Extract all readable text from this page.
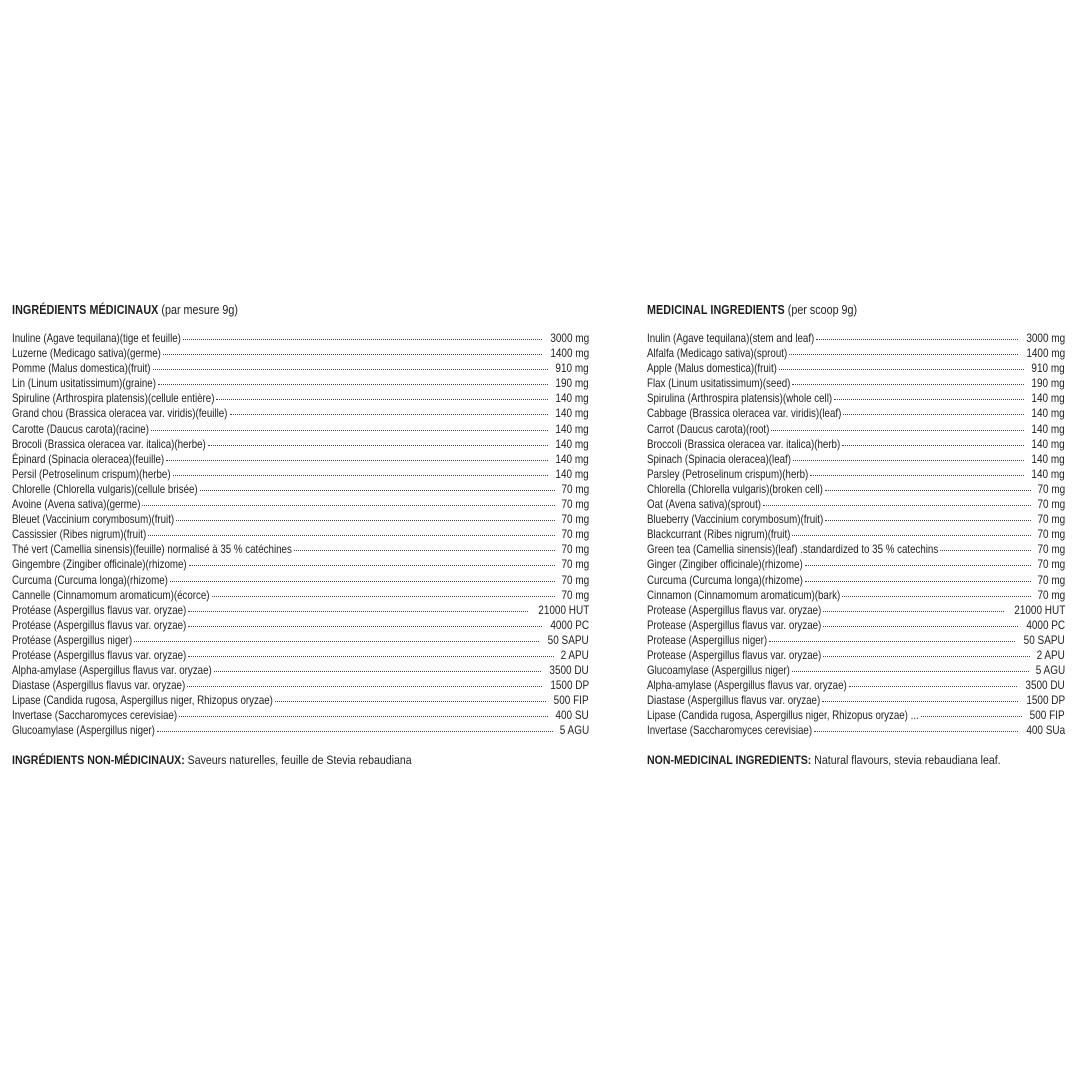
INGRÉDIENTS MÉDICINAUX (par mesure 9g)
Inuline (Agave tequilana)(tige et feuille)	3000 mg
Luzerne (Medicago sativa)(germe)	1400 mg
Pomme (Malus domestica)(fruit)	910 mg
Lin (Linum usitatissimum)(graine)	190 mg
Spiruline (Arthrospira platensis)(cellule entière)	140 mg
Grand chou (Brassica oleracea var. viridis)(feuille)	140 mg
Carotte (Daucus carota)(racine)	140 mg
Brocoli (Brassica oleracea var. italica)(herbe)	140 mg
Épinard (Spinacia oleracea)(feuille)	140 mg
Persil (Petroselinum crispum)(herbe)	140 mg
Chlorelle (Chlorella vulgaris)(cellule brisée)	70 mg
Avoine (Avena sativa)(germe)	70 mg
Bleuet (Vaccinium corymbosum)(fruit)	70 mg
Cassissier (Ribes nigrum)(fruit)	70 mg
Thé vert (Camellia sinensis)(feuille) normalisé à 35 % catéchines	70 mg
Gingembre (Zingiber officinale)(rhizome)	70 mg
Curcuma (Curcuma longa)(rhizome)	70 mg
Cannelle (Cinnamomum aromaticum)(écorce)	70 mg
Protéase (Aspergillus flavus var. oryzae)	21000 HUT
Protéase (Aspergillus flavus var. oryzae)	4000 PC
Protéase (Aspergillus niger)	50 SAPU
Protéase (Aspergillus flavus var. oryzae)	2 APU
Alpha-amylase (Aspergillus flavus var. oryzae)	3500 DU
Diastase (Aspergillus flavus var. oryzae)	1500 DP
Lipase (Candida rugosa, Aspergillus niger, Rhizopus oryzae)	500 FIP
Invertase (Saccharomyces cerevisiae)	400 SU
Glucoamylase (Aspergillus niger)	5 AGU
INGRÉDIENTS NON-MÉDICINAUX: Saveurs naturelles, feuille de Stevia rebaudiana
MEDICINAL INGREDIENTS (per scoop 9g)
Inulin (Agave tequilana)(stem and leaf)	3000 mg
Alfalfa (Medicago sativa)(sprout)	1400 mg
Apple (Malus domestica)(fruit)	910 mg
Flax (Linum usitatissimum)(seed)	190 mg
Spirulina (Arthrospira platensis)(whole cell)	140 mg
Cabbage (Brassica oleracea var. viridis)(leaf)	140 mg
Carrot (Daucus carota)(root)	140 mg
Broccoli (Brassica oleracea var. italica)(herb)	140 mg
Spinach (Spinacia oleracea)(leaf)	140 mg
Parsley (Petroselinum crispum)(herb)	140 mg
Chlorella (Chlorella vulgaris)(broken cell)	70 mg
Oat (Avena sativa)(sprout)	70 mg
Blueberry (Vaccinium corymbosum)(fruit)	70 mg
Blackcurrant (Ribes nigrum)(fruit)	70 mg
Green tea (Camellia sinensis)(leaf) .standardized to 35 % catechins	70 mg
Ginger (Zingiber officinale)(rhizome)	70 mg
Curcuma (Curcuma longa)(rhizome)	70 mg
Cinnamon (Cinnamomum aromaticum)(bark)	70 mg
Protease (Aspergillus flavus var. oryzae)	21000 HUT
Protease (Aspergillus flavus var. oryzae)	4000 PC
Protease (Aspergillus niger)	50 SAPU
Protease (Aspergillus flavus var. oryzae)	2 APU
Glucoamylase (Aspergillus niger)	5 AGU
Alpha-amylase (Aspergillus flavus var. oryzae)	3500 DU
Diastase (Aspergillus flavus var. oryzae)	1500 DP
Lipase (Candida rugosa, Aspergillus niger, Rhizopus oryzae) ...	500 FIP
Invertase (Saccharomyces cerevisiae)	400 SUa
NON-MEDICINAL INGREDIENTS: Natural flavours, stevia rebaudiana leaf.
